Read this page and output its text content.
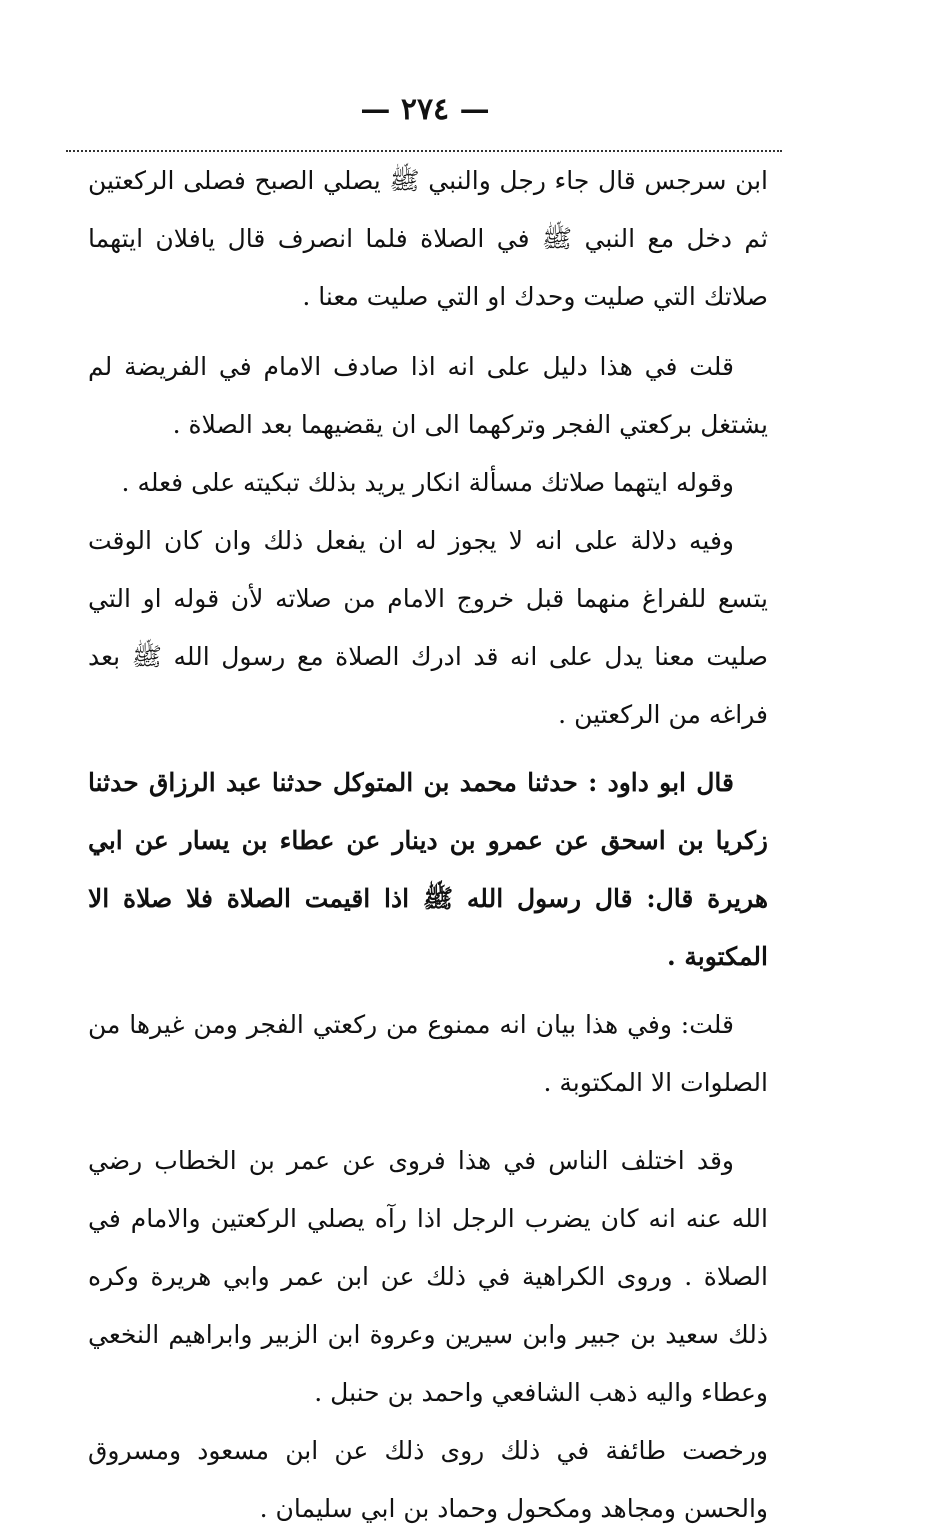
— ٢٧٤ —

ابن سرجس قال جاء رجل والنبي ﷺ يصلي الصبح فصلى الركعتين ثم دخل مع النبي ﷺ في الصلاة فلما انصرف قال يافلان ايتهما صلاتك التي صليت وحدك او التي صليت معنا .

قلت في هذا دليل على انه اذا صادف الامام في الفريضة لم يشتغل بركعتي الفجر وتركهما الى ان يقضيهما بعد الصلاة .

وقوله ايتهما صلاتك مسألة انكار يريد بذلك تبكيته على فعله .

وفيه دلالة على انه لا يجوز له ان يفعل ذلك وان كان الوقت يتسع للفراغ منهما قبل خروج الامام من صلاته لأن قوله او التي صليت معنا يدل على انه قد ادرك الصلاة مع رسول الله ﷺ بعد فراغه من الركعتين .

قال ابو داود : حدثنا محمد بن المتوكل حدثنا عبد الرزاق حدثنا زكريا بن اسحق عن عمرو بن دينار عن عطاء بن يسار عن ابي هريرة قال: قال رسول الله ﷺ اذا اقيمت الصلاة فلا صلاة الا المكتوبة .

قلت: وفي هذا بيان انه ممنوع من ركعتي الفجر ومن غيرها من الصلوات الا المكتوبة .

وقد اختلف الناس في هذا فروى عن عمر بن الخطاب رضي الله عنه انه كان يضرب الرجل اذا رآه يصلي الركعتين والامام في الصلاة . وروى الكراهية في ذلك عن ابن عمر وابي هريرة وكره ذلك سعيد بن جبير وابن سيرين وعروة ابن الزبير وابراهيم النخعي وعطاء واليه ذهب الشافعي واحمد بن حنبل .

ورخصت طائفة في ذلك روى ذلك عن ابن مسعود ومسروق والحسن ومجاهد ومكحول وحماد بن ابي سليمان .
